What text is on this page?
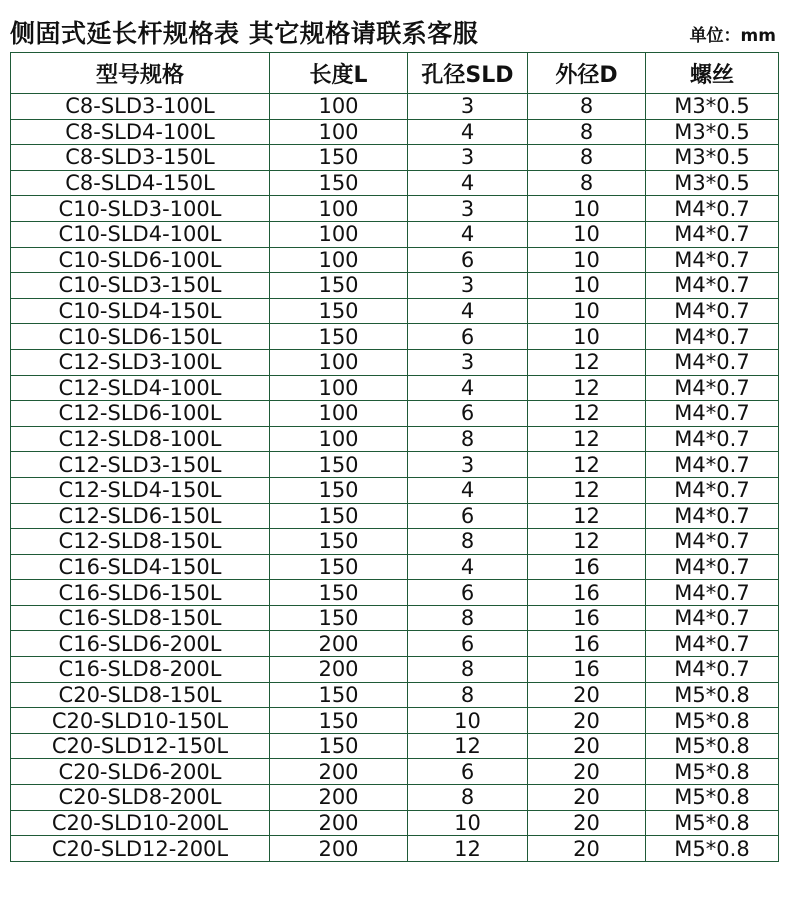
侧固式延长杆规格表 其它规格请联系客服	单位：mm
型号规格	长度L	孔径SLD	外径D	螺丝
C8-SLD3-100L	100	3	8	M3*0.5
C8-SLD4-100L	100	4	8	M3*0.5
C8-SLD3-150L	150	3	8	M3*0.5
C8-SLD4-150L	150	4	8	M3*0.5
C10-SLD3-100L	100	3	10	M4*0.7
C10-SLD4-100L	100	4	10	M4*0.7
C10-SLD6-100L	100	6	10	M4*0.7
C10-SLD3-150L	150	3	10	M4*0.7
C10-SLD4-150L	150	4	10	M4*0.7
C10-SLD6-150L	150	6	10	M4*0.7
C12-SLD3-100L	100	3	12	M4*0.7
C12-SLD4-100L	100	4	12	M4*0.7
C12-SLD6-100L	100	6	12	M4*0.7
C12-SLD8-100L	100	8	12	M4*0.7
C12-SLD3-150L	150	3	12	M4*0.7
C12-SLD4-150L	150	4	12	M4*0.7
C12-SLD6-150L	150	6	12	M4*0.7
C12-SLD8-150L	150	8	12	M4*0.7
C16-SLD4-150L	150	4	16	M4*0.7
C16-SLD6-150L	150	6	16	M4*0.7
C16-SLD8-150L	150	8	16	M4*0.7
C16-SLD6-200L	200	6	16	M4*0.7
C16-SLD8-200L	200	8	16	M4*0.7
C20-SLD8-150L	150	8	20	M5*0.8
C20-SLD10-150L	150	10	20	M5*0.8
C20-SLD12-150L	150	12	20	M5*0.8
C20-SLD6-200L	200	6	20	M5*0.8
C20-SLD8-200L	200	8	20	M5*0.8
C20-SLD10-200L	200	10	20	M5*0.8
C20-SLD12-200L	200	12	20	M5*0.8
